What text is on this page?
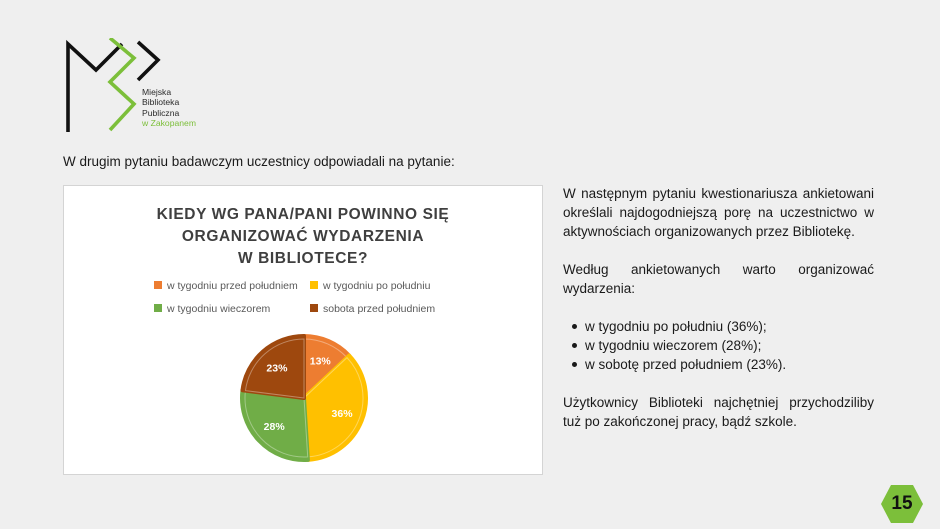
Miejska
Biblioteka
Publiczna
w Zakopanem
W drugim pytaniu badawczym uczestnicy odpowiadali na pytanie:
KIEDY WG PANA/PANI POWINNO SIĘ
ORGANIZOWAĆ WYDARZENIA
W BIBLIOTECE?
w tygodniu przed południem	w tygodniu po południu
w tygodniu wieczorem	sobota przed południem
13%
36%
28%
23%

W następnym pytaniu kwestionariusza ankietowani określali najdogodniejszą porę na uczestnictwo w aktywnościach organizowanych przez Bibliotekę.

Według ankietowanych warto organizować wydarzenia:

w tygodniu po południu (36%);
w tygodniu wieczorem (28%);
w sobotę przed południem (23%).

Użytkownicy Biblioteki najchętniej przychodziliby tuż po zakończonej pracy, bądź szkole.

15
